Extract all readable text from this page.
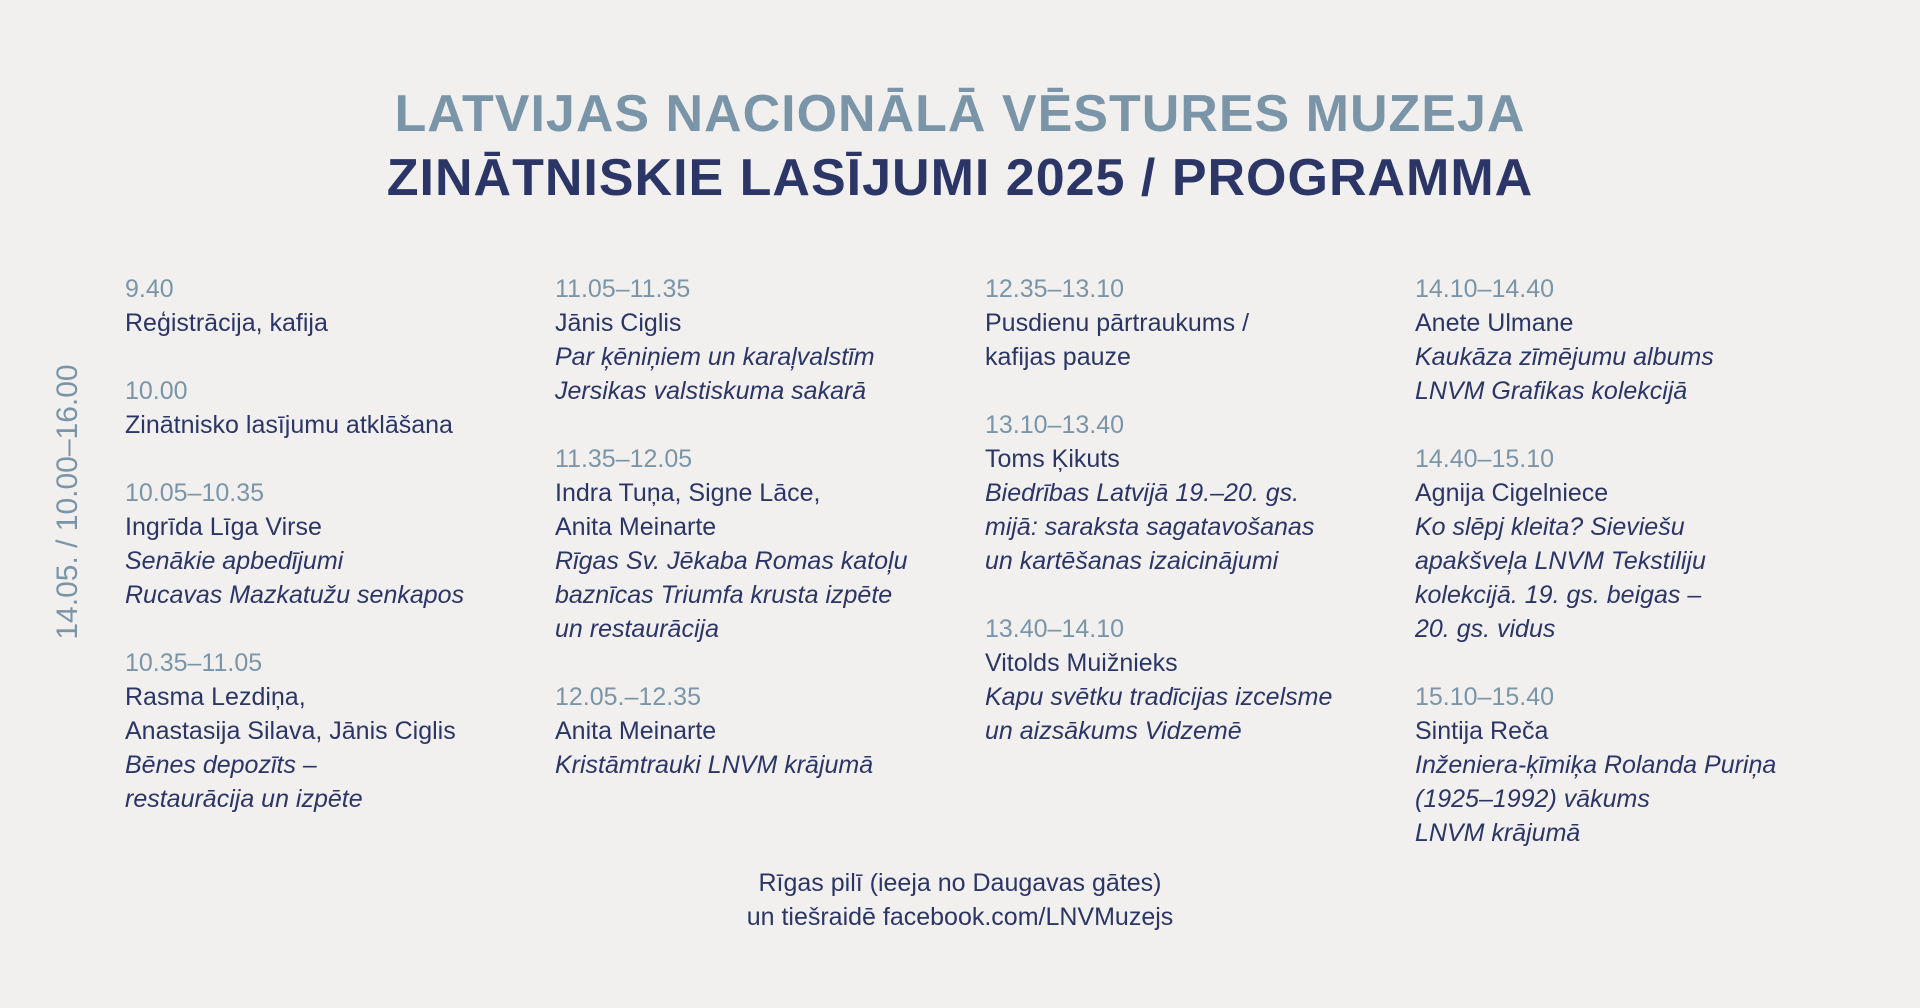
LATVIJAS NACIONĀLĀ VĒSTURES MUZEJA
ZINĀTNISKIE LASĪJUMI 2025 / PROGRAMMA
14.05. / 10.00–16.00
9.40
Reģistrācija, kafija
10.00
Zinātnisko lasījumu atklāšana
10.05–10.35
Ingrīda Līga Virse
Senākie apbedījumi
Rucavas Mazkatužu senkapos
10.35–11.05
Rasma Lezdiņa,
Anastasija Silava, Jānis Ciglis
Bēnes depozīts –
restaurācija un izpēte
11.05–11.35
Jānis Ciglis
Par ķēniņiem un karaļvalstīm
Jersikas valstiskuma sakarā
11.35–12.05
Indra Tuņa, Signe Lāce,
Anita Meinarte
Rīgas Sv. Jēkaba Romas katoļu
baznīcas Triumfa krusta izpēte
un restaurācija
12.05.–12.35
Anita Meinarte
Kristāmtrauki LNVM krājumā
12.35–13.10
Pusdienu pārtraukums /
kafijas pauze
13.10–13.40
Toms Ķikuts
Biedrības Latvijā 19.–20. gs.
mijā: saraksta sagatavošanas
un kartēšanas izaicinājumi
13.40–14.10
Vitolds Muižnieks
Kapu svētku tradīcijas izcelsme
un aizsākums Vidzemē
14.10–14.40
Anete Ulmane
Kaukāza zīmējumu albums
LNVM Grafikas kolekcijā
14.40–15.10
Agnija Cigelniece
Ko slēpj kleita? Sieviešu
apakšveļa LNVM Tekstiliju
kolekcijā. 19. gs. beigas –
20. gs. vidus
15.10–15.40
Sintija Reča
Inženiera-ķīmiķa Rolanda Puriņa
(1925–1992) vākums
LNVM krājumā
Rīgas pilī (ieeja no Daugavas gātes)
un tiešraidē facebook.com/LNVMuzejs
